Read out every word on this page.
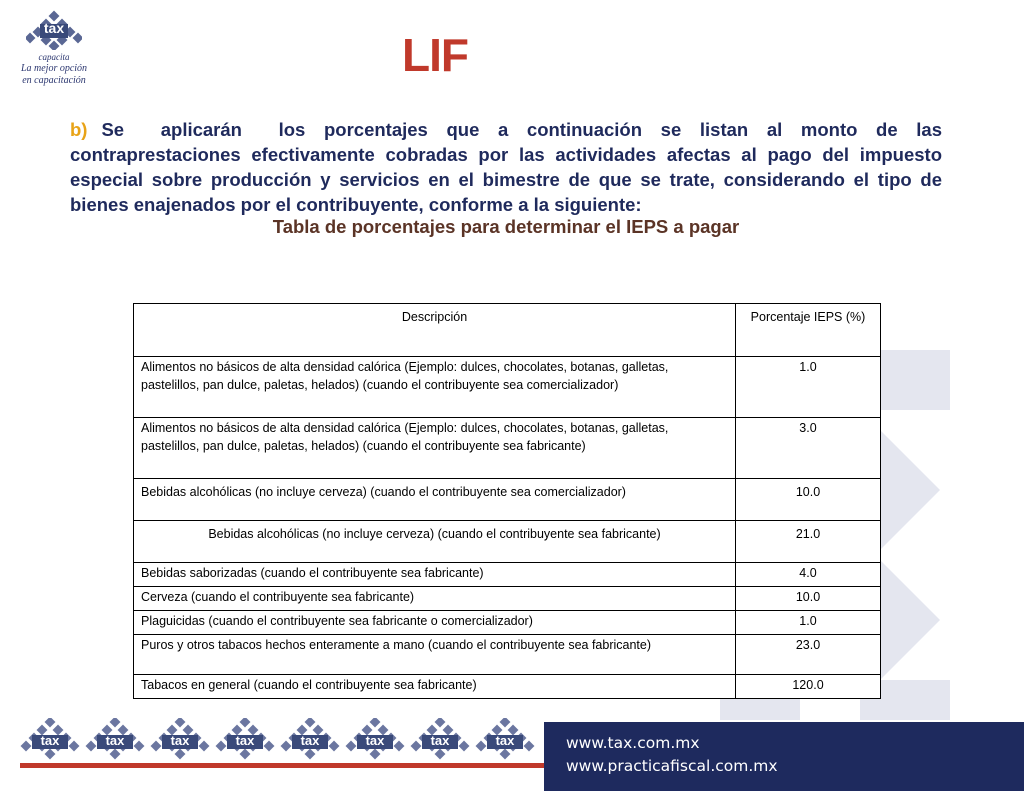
tax
capacita
La mejor opción
en capacitación	LIF
b) Se aplicarán los porcentajes que a continuación se listan al monto de las contraprestaciones efectivamente cobradas por las actividades afectas al pago del impuesto especial sobre producción y servicios en el bimestre de que se trate, considerando el tipo de bienes enajenados por el contribuyente, conforme a la siguiente:
Tabla de porcentajes para determinar el IEPS a pagar
Descripción	Porcentaje IEPS (%)
Alimentos no básicos de alta densidad calórica (Ejemplo: dulces, chocolates, botanas, galletas, pastelillos, pan dulce, paletas, helados) (cuando el contribuyente sea comercializador)	1.0
Alimentos no básicos de alta densidad calórica (Ejemplo: dulces, chocolates, botanas, galletas, pastelillos, pan dulce, paletas, helados) (cuando el contribuyente sea fabricante)	3.0
Bebidas alcohólicas (no incluye cerveza) (cuando el contribuyente sea comercializador)	10.0
Bebidas alcohólicas (no incluye cerveza) (cuando el contribuyente sea fabricante)	21.0
Bebidas saborizadas (cuando el contribuyente sea fabricante)	4.0
Cerveza (cuando el contribuyente sea fabricante)	10.0
Plaguicidas (cuando el contribuyente sea fabricante o comercializador)	1.0
Puros y otros tabacos hechos enteramente a mano (cuando el contribuyente sea fabricante)	23.0
Tabacos en general (cuando el contribuyente sea fabricante)	120.0
tax	tax	tax	tax	tax	tax	tax	tax	www.tax.com.mx
www.practicafiscal.com.mx
